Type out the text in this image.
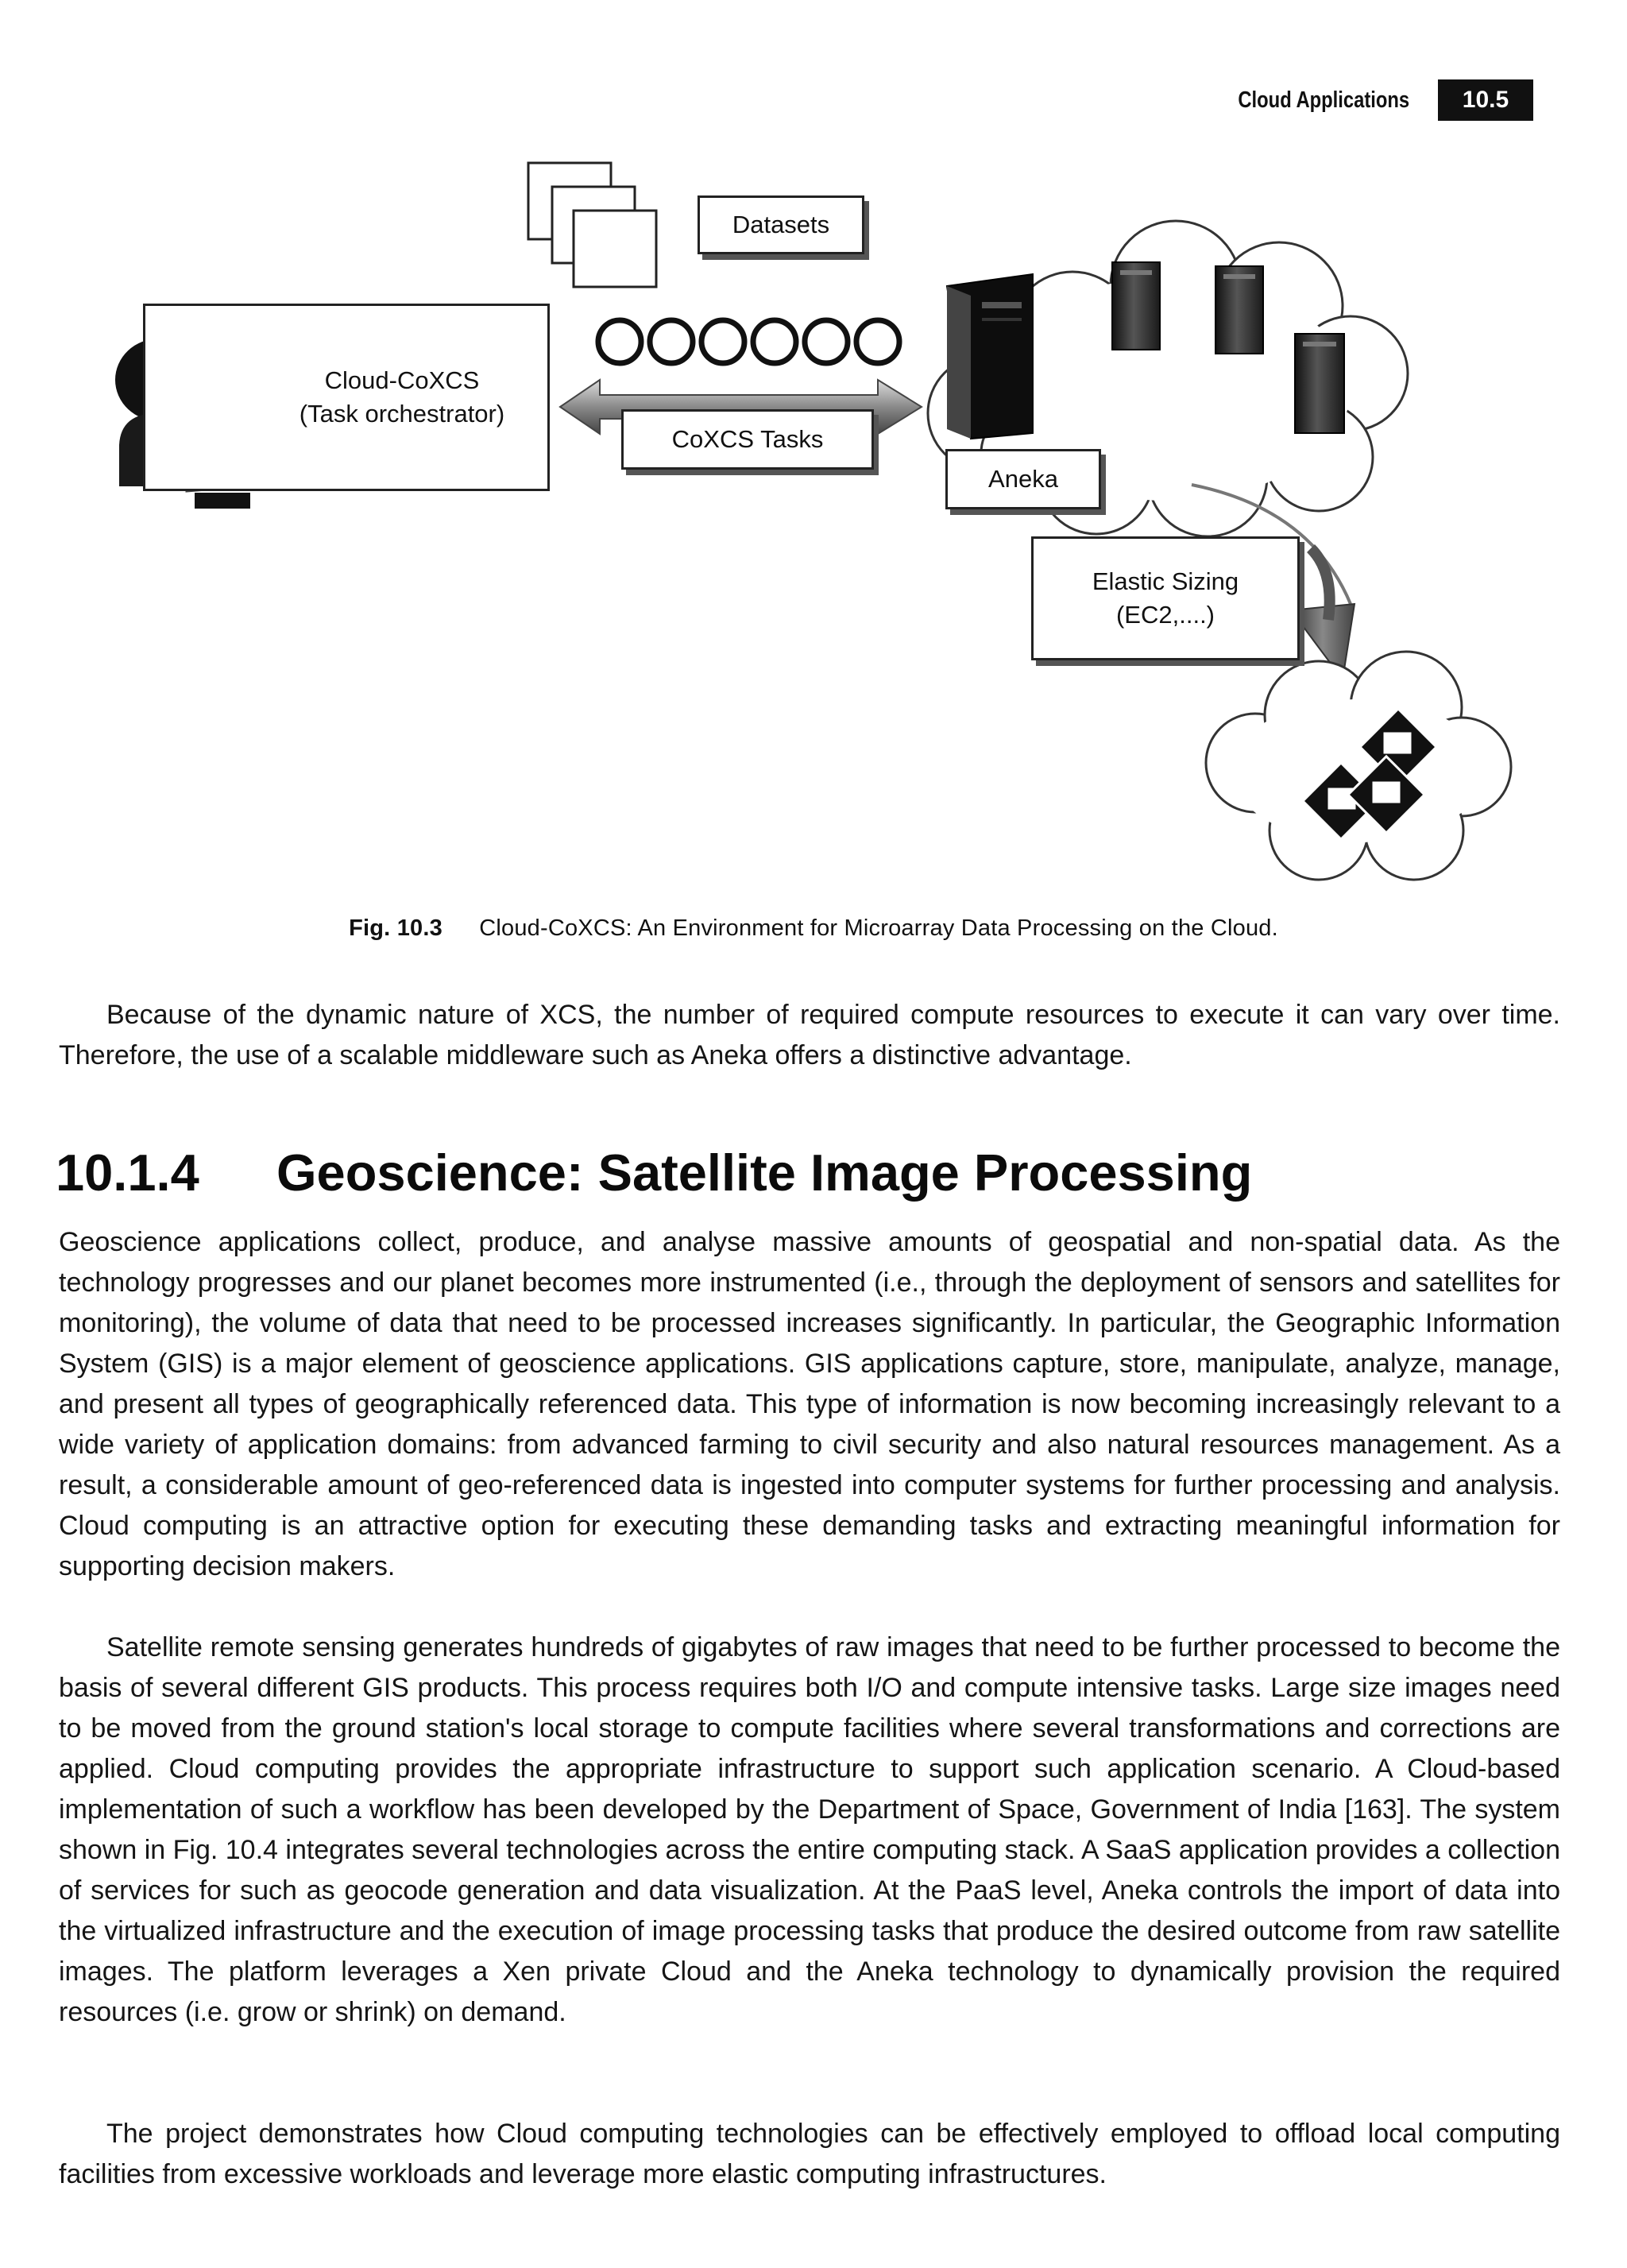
Cloud Applications	10.5
Datasets
Cloud-CoXCS
(Task orchestrator)
CoXCS Tasks
Aneka
Elastic Sizing
(EC2,....)
Fig. 10.3 Cloud-CoXCS: An Environment for Microarray Data Processing on the Cloud.
Because of the dynamic nature of XCS, the number of required compute resources to execute it can vary over time. Therefore, the use of a scalable middleware such as Aneka offers a distinctive advantage.
10.1.4 Geoscience: Satellite Image Processing
Geoscience applications collect, produce, and analyse massive amounts of geospatial and non-spatial data. As the technology progresses and our planet becomes more instrumented (i.e., through the deployment of sensors and satellites for monitoring), the volume of data that need to be processed increases significantly. In particular, the Geographic Information System (GIS) is a major element of geoscience applications. GIS applications capture, store, manipulate, analyze, manage, and present all types of geographically referenced data. This type of information is now becoming increasingly relevant to a wide variety of application domains: from advanced farming to civil security and also natural resources management. As a result, a considerable amount of geo-referenced data is ingested into computer systems for further processing and analysis. Cloud computing is an attractive option for executing these demanding tasks and extracting meaningful information for supporting decision makers.
Satellite remote sensing generates hundreds of gigabytes of raw images that need to be further processed to become the basis of several different GIS products. This process requires both I/O and compute intensive tasks. Large size images need to be moved from the ground station's local storage to compute facilities where several transformations and corrections are applied. Cloud computing provides the appropriate infrastructure to support such application scenario. A Cloud-based implementation of such a workflow has been developed by the Department of Space, Government of India [163]. The system shown in Fig. 10.4 integrates several technologies across the entire computing stack. A SaaS application provides a collection of services for such as geocode generation and data visualization. At the PaaS level, Aneka controls the import of data into the virtualized infrastructure and the execution of image processing tasks that produce the desired outcome from raw satellite images. The platform leverages a Xen private Cloud and the Aneka technology to dynamically provision the required resources (i.e. grow or shrink) on demand.
The project demonstrates how Cloud computing technologies can be effectively employed to offload local computing facilities from excessive workloads and leverage more elastic computing infrastructures.
